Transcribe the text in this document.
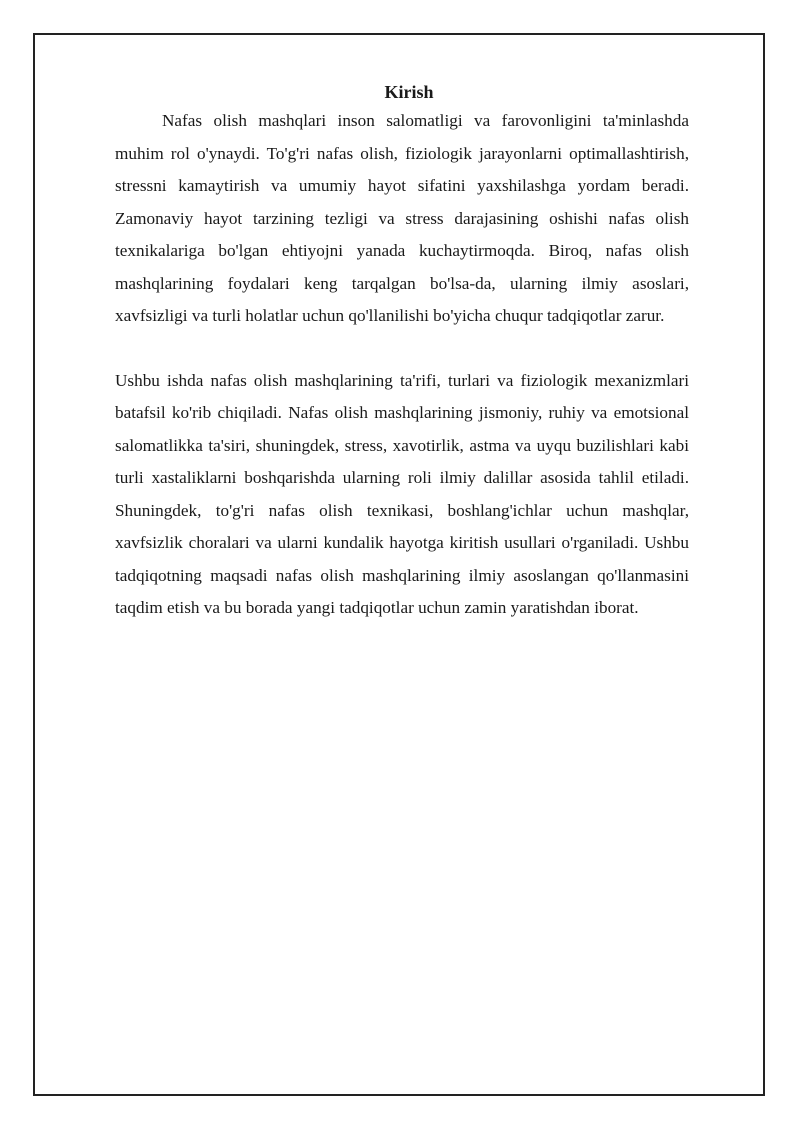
Kirish

Nafas olish mashqlari inson salomatligi va farovonligini ta'minlashda muhim rol o'ynaydi. To'g'ri nafas olish, fiziologik jarayonlarni optimallashtirish, stressni kamaytirish va umumiy hayot sifatini yaxshilashga yordam beradi. Zamonaviy hayot tarzining tezligi va stress darajasining oshishi nafas olish texnikalariga bo'lgan ehtiyojni yanada kuchaytirmoqda. Biroq, nafas olish mashqlarining foydalari keng tarqalgan bo'lsa-da, ularning ilmiy asoslari, xavfsizligi va turli holatlar uchun qo'llanilishi bo'yicha chuqur tadqiqotlar zarur.

Ushbu ishda nafas olish mashqlarining ta'rifi, turlari va fiziologik mexanizmlari batafsil ko'rib chiqiladi. Nafas olish mashqlarining jismoniy, ruhiy va emotsional salomatlikka ta'siri, shuningdek, stress, xavotirlik, astma va uyqu buzilishlari kabi turli xastaliklarni boshqarishda ularning roli ilmiy dalillar asosida tahlil etiladi. Shuningdek, to'g'ri nafas olish texnikasi, boshlang'ichlar uchun mashqlar, xavfsizlik choralari va ularni kundalik hayotga kiritish usullari o'rganiladi. Ushbu tadqiqotning maqsadi nafas olish mashqlarining ilmiy asoslangan qo'llanmasini taqdim etish va bu borada yangi tadqiqotlar uchun zamin yaratishdan iborat.
